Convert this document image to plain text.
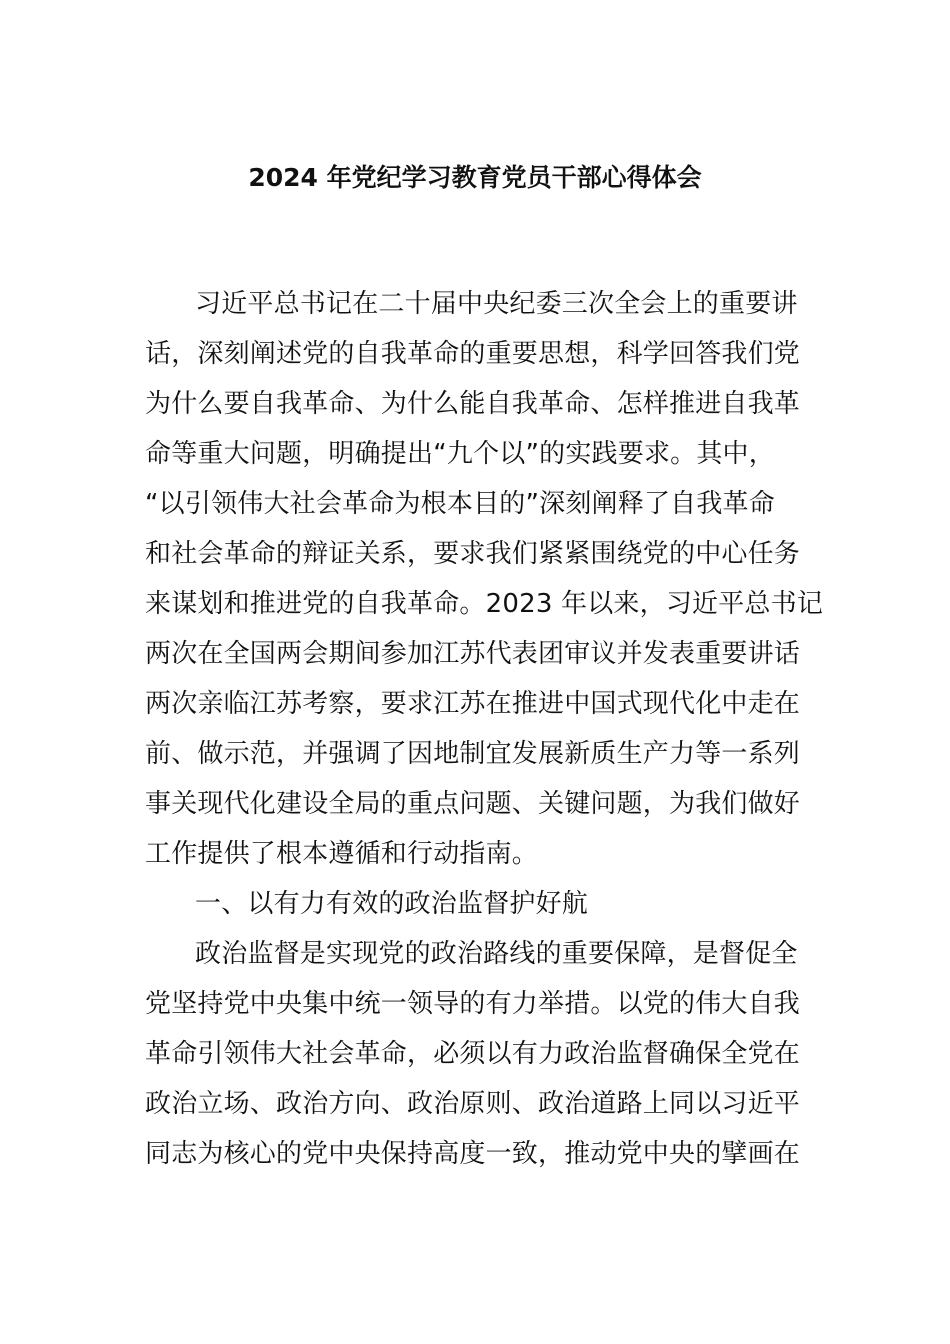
2024 年党纪学习教育党员干部心得体会
习近平总书记在二十届中央纪委三次全会上的重要讲
话，深刻阐述党的自我革命的重要思想，科学回答我们党
为什么要自我革命、为什么能自我革命、怎样推进自我革
命等重大问题，明确提出“九个以”的实践要求。其中，
“以引领伟大社会革命为根本目的”深刻阐释了自我革命
和社会革命的辩证关系，要求我们紧紧围绕党的中心任务
来谋划和推进党的自我革命。2023 年以来，习近平总书记
两次在全国两会期间参加江苏代表团审议并发表重要讲话
两次亲临江苏考察，要求江苏在推进中国式现代化中走在
前、做示范，并强调了因地制宜发展新质生产力等一系列
事关现代化建设全局的重点问题、关键问题，为我们做好
工作提供了根本遵循和行动指南。
一、以有力有效的政治监督护好航
政治监督是实现党的政治路线的重要保障，是督促全
党坚持党中央集中统一领导的有力举措。以党的伟大自我
革命引领伟大社会革命，必须以有力政治监督确保全党在
政治立场、政治方向、政治原则、政治道路上同以习近平
同志为核心的党中央保持高度一致，推动党中央的擘画在
